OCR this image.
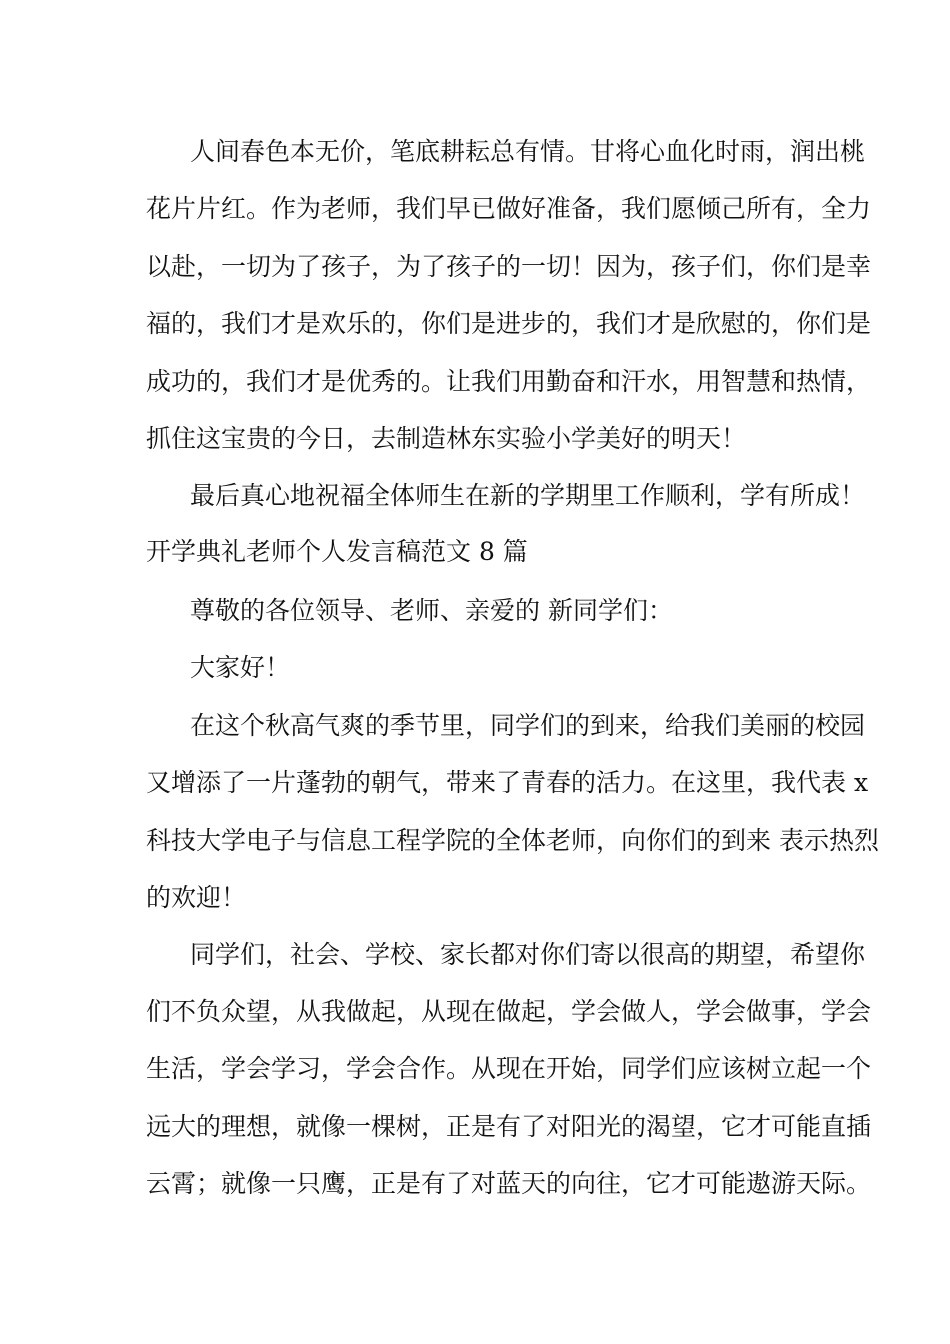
人间春色本无价，笔底耕耘总有情。甘将心血化时雨，润出桃
花片片红。作为老师，我们早已做好准备，我们愿倾己所有，全力
以赴，一切为了孩子，为了孩子的一切！因为，孩子们，你们是幸
福的，我们才是欢乐的，你们是进步的，我们才是欣慰的，你们是
成功的，我们才是优秀的。让我们用勤奋和汗水，用智慧和热情，
抓住这宝贵的今日，去制造林东实验小学美好的明天！
最后真心地祝福全体师生在新的学期里工作顺利，学有所成！
开学典礼老师个人发言稿范文 8 篇
尊敬的各位领导、老师、亲爱的 新同学们：
大家好！
在这个秋高气爽的季节里，同学们的到来，给我们美丽的校园
又增添了一片蓬勃的朝气，带来了青春的活力。在这里，我代表 x
科技大学电子与信息工程学院的全体老师，向你们的到来 表示热烈
的欢迎！
同学们，社会、学校、家长都对你们寄以很高的期望，希望你
们不负众望，从我做起，从现在做起，学会做人，学会做事，学会
生活，学会学习，学会合作。从现在开始，同学们应该树立起一个
远大的理想，就像一棵树，正是有了对阳光的渴望，它才可能直插
云霄；就像一只鹰，正是有了对蓝天的向往，它才可能遨游天际。
